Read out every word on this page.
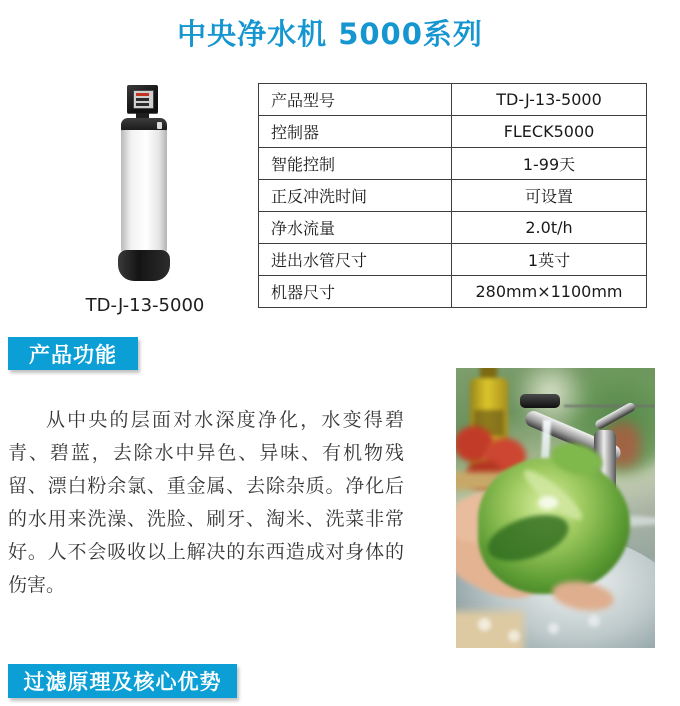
中央净水机 5000系列
TD-J-13-5000
产品型号	TD-J-13-5000
控制器	FLECK5000
智能控制	1-99天
正反冲洗时间	可设置
净水流量	2.0t/h
进出水管尺寸	1英寸
机器尺寸	280mm×1100mm
产品功能

从中央的层面对水深度净化，水变得碧青、碧蓝，去除水中异色、异味、有机物残留、漂白粉余氯、重金属、去除杂质。净化后的水用来洗澡、洗脸、刷牙、淘米、洗菜非常好。人不会吸收以上解决的东西造成对身体的伤害。

过滤原理及核心优势
